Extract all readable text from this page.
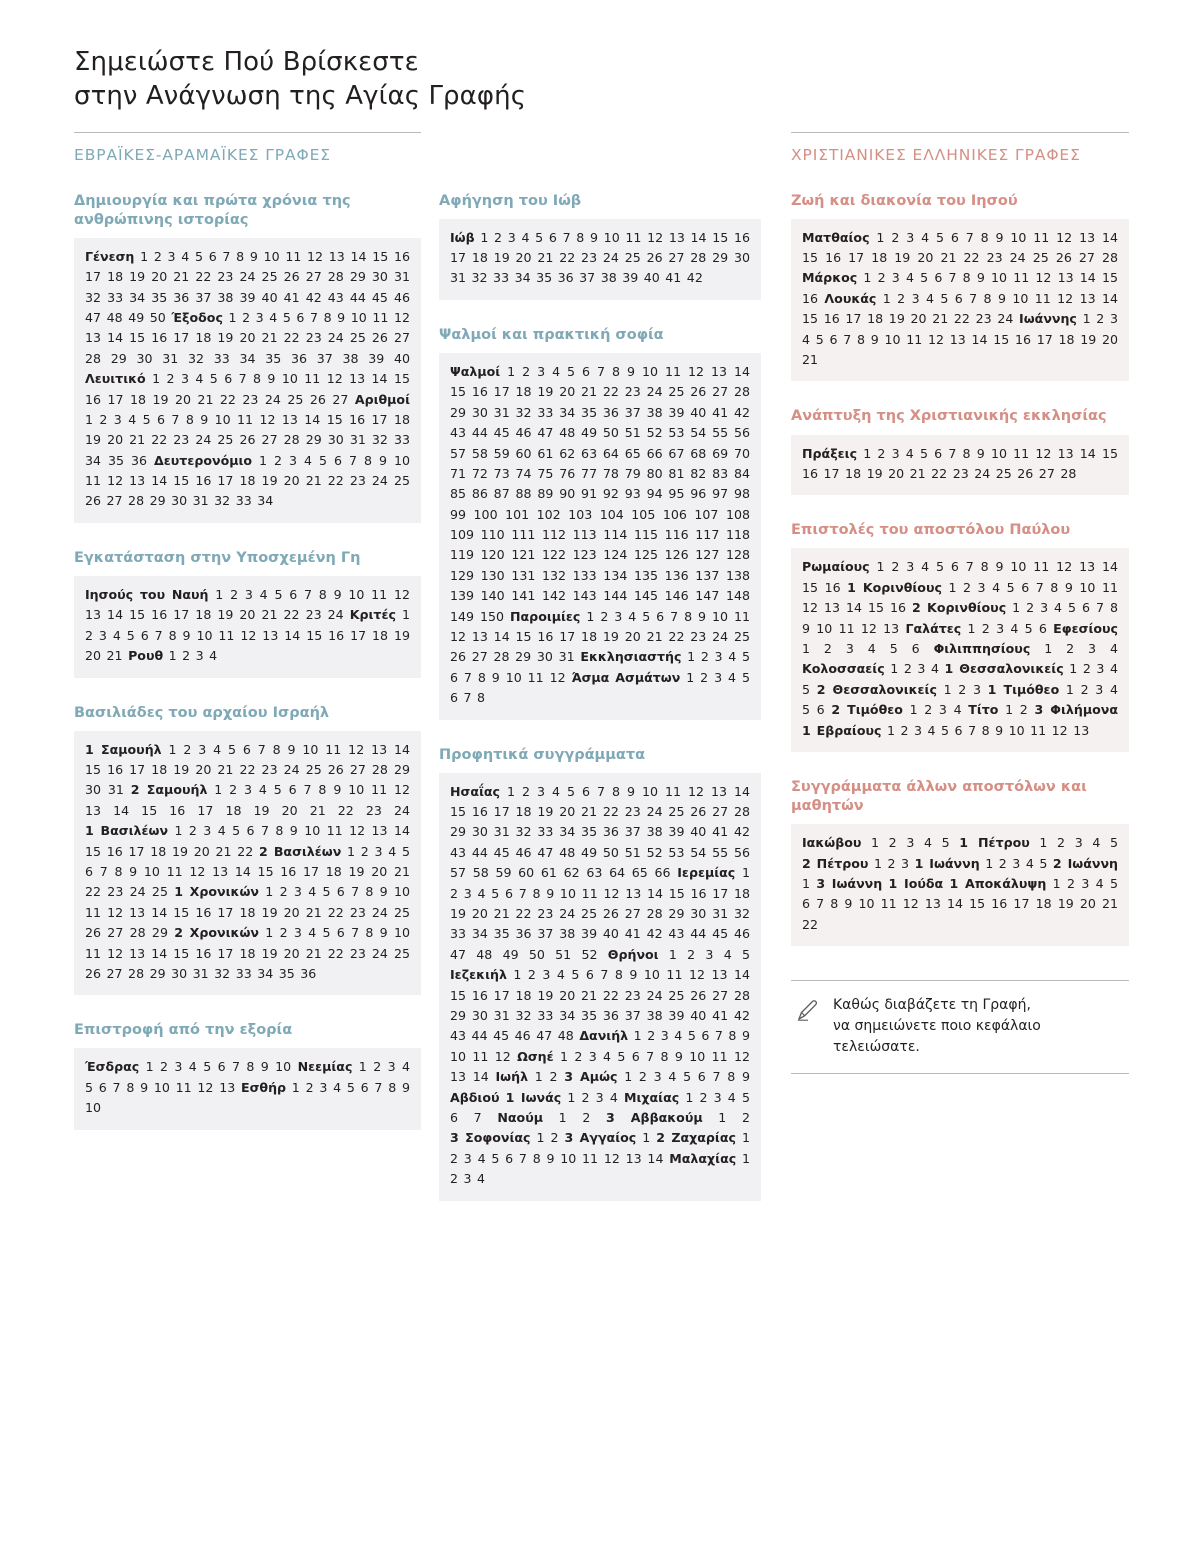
Σημειώστε Πού Βρίσκεστε
στην Ανάγνωση της Αγίας Γραφής
ΕΒΡΑΪΚΕΣ-ΑΡΑΜΑΪΚΕΣ ΓΡΑΦΕΣ
Δημιουργία και πρώτα χρόνια της ανθρώπινης ιστορίας
Γένεση 1 2 3 4 5 6 7 8 9 10 11 12 13 14 15 16 17 18 19 20 21 22 23 24 25 26 27 28 29 30 31 32 33 34 35 36 37 38 39 40 41 42 43 44 45 46 47 48 49 50 Έξοδος 1 2 3 4 5 6 7 8 9 10 11 12 13 14 15 16 17 18 19 20 21 22 23 24 25 26 27 28 29 30 31 32 33 34 35 36 37 38 39 40 Λευιτικό 1 2 3 4 5 6 7 8 9 10 11 12 13 14 15 16 17 18 19 20 21 22 23 24 25 26 27 Αριθμοί 1 2 3 4 5 6 7 8 9 10 11 12 13 14 15 16 17 18 19 20 21 22 23 24 25 26 27 28 29 30 31 32 33 34 35 36 Δευτερονόμιο 1 2 3 4 5 6 7 8 9 10 11 12 13 14 15 16 17 18 19 20 21 22 23 24 25 26 27 28 29 30 31 32 33 34
Εγκατάσταση στην Υποσχεμένη Γη
Ιησούς του Ναυή 1 2 3 4 5 6 7 8 9 10 11 12 13 14 15 16 17 18 19 20 21 22 23 24 Κριτές 1 2 3 4 5 6 7 8 9 10 11 12 13 14 15 16 17 18 19 20 21 Ρουθ 1 2 3 4
Βασιλιάδες του αρχαίου Ισραήλ
1 Σαμουήλ 1 2 3 4 5 6 7 8 9 10 11 12 13 14 15 16 17 18 19 20 21 22 23 24 25 26 27 28 29 30 31 2 Σαμουήλ 1 2 3 4 5 6 7 8 9 10 11 12 13 14 15 16 17 18 19 20 21 22 23 24 1 Βασιλέων 1 2 3 4 5 6 7 8 9 10 11 12 13 14 15 16 17 18 19 20 21 22 2 Βασιλέων 1 2 3 4 5 6 7 8 9 10 11 12 13 14 15 16 17 18 19 20 21 22 23 24 25 1 Χρονικών 1 2 3 4 5 6 7 8 9 10 11 12 13 14 15 16 17 18 19 20 21 22 23 24 25 26 27 28 29 2 Χρονικών 1 2 3 4 5 6 7 8 9 10 11 12 13 14 15 16 17 18 19 20 21 22 23 24 25 26 27 28 29 30 31 32 33 34 35 36
Επιστροφή από την εξορία
Έσδρας 1 2 3 4 5 6 7 8 9 10 Νεεμίας 1 2 3 4 5 6 7 8 9 10 11 12 13 Εσθήρ 1 2 3 4 5 6 7 8 9 10
Αφήγηση του Ιώβ
Ιώβ 1 2 3 4 5 6 7 8 9 10 11 12 13 14 15 16 17 18 19 20 21 22 23 24 25 26 27 28 29 30 31 32 33 34 35 36 37 38 39 40 41 42
Ψαλμοί και πρακτική σοφία
Ψαλμοί 1 2 3 4 5 6 7 8 9 10 11 12 13 14 15 16 17 18 19 20 21 22 23 24 25 26 27 28 29 30 31 32 33 34 35 36 37 38 39 40 41 42 43 44 45 46 47 48 49 50 51 52 53 54 55 56 57 58 59 60 61 62 63 64 65 66 67 68 69 70 71 72 73 74 75 76 77 78 79 80 81 82 83 84 85 86 87 88 89 90 91 92 93 94 95 96 97 98 99 100 101 102 103 104 105 106 107 108 109 110 111 112 113 114 115 116 117 118 119 120 121 122 123 124 125 126 127 128 129 130 131 132 133 134 135 136 137 138 139 140 141 142 143 144 145 146 147 148 149 150 Παροιμίες 1 2 3 4 5 6 7 8 9 10 11 12 13 14 15 16 17 18 19 20 21 22 23 24 25 26 27 28 29 30 31 Εκκλησιαστής 1 2 3 4 5 6 7 8 9 10 11 12 Άσμα Ασμάτων 1 2 3 4 5 6 7 8
Προφητικά συγγράμματα
Ησαΐας 1 2 3 4 5 6 7 8 9 10 11 12 13 14 15 16 17 18 19 20 21 22 23 24 25 26 27 28 29 30 31 32 33 34 35 36 37 38 39 40 41 42 43 44 45 46 47 48 49 50 51 52 53 54 55 56 57 58 59 60 61 62 63 64 65 66 Ιερεμίας 1 2 3 4 5 6 7 8 9 10 11 12 13 14 15 16 17 18 19 20 21 22 23 24 25 26 27 28 29 30 31 32 33 34 35 36 37 38 39 40 41 42 43 44 45 46 47 48 49 50 51 52 Θρήνοι 1 2 3 4 5 Ιεζεκιήλ 1 2 3 4 5 6 7 8 9 10 11 12 13 14 15 16 17 18 19 20 21 22 23 24 25 26 27 28 29 30 31 32 33 34 35 36 37 38 39 40 41 42 43 44 45 46 47 48 Δανιήλ 1 2 3 4 5 6 7 8 9 10 11 12 Ωσηέ 1 2 3 4 5 6 7 8 9 10 11 12 13 14 Ιωήλ 1 2 3 Αμώς 1 2 3 4 5 6 7 8 9 Αβδιού 1 Ιωνάς 1 2 3 4 Μιχαίας 1 2 3 4 5 6 7 Ναούμ 1 2 3 Αββακούμ 1 2 3 Σοφονίας 1 2 3 Αγγαίος 1 2 Ζαχαρίας 1 2 3 4 5 6 7 8 9 10 11 12 13 14 Μαλαχίας 1 2 3 4
ΧΡΙΣΤΙΑΝΙΚΕΣ ΕΛΛΗΝΙΚΕΣ ΓΡΑΦΕΣ
Ζωή και διακονία του Ιησού
Ματθαίος 1 2 3 4 5 6 7 8 9 10 11 12 13 14 15 16 17 18 19 20 21 22 23 24 25 26 27 28 Μάρκος 1 2 3 4 5 6 7 8 9 10 11 12 13 14 15 16 Λουκάς 1 2 3 4 5 6 7 8 9 10 11 12 13 14 15 16 17 18 19 20 21 22 23 24 Ιωάννης 1 2 3 4 5 6 7 8 9 10 11 12 13 14 15 16 17 18 19 20 21
Ανάπτυξη της Χριστιανικής εκκλησίας
Πράξεις 1 2 3 4 5 6 7 8 9 10 11 12 13 14 15 16 17 18 19 20 21 22 23 24 25 26 27 28
Επιστολές του αποστόλου Παύλου
Ρωμαίους 1 2 3 4 5 6 7 8 9 10 11 12 13 14 15 16 1 Κορινθίους 1 2 3 4 5 6 7 8 9 10 11 12 13 14 15 16 2 Κορινθίους 1 2 3 4 5 6 7 8 9 10 11 12 13 Γαλάτες 1 2 3 4 5 6 Εφεσίους 1 2 3 4 5 6 Φιλιππησίους 1 2 3 4 Κολοσσαείς 1 2 3 4 1 Θεσσαλονικείς 1 2 3 4 5 2 Θεσσαλονικείς 1 2 3 1 Τιμόθεο 1 2 3 4 5 6 2 Τιμόθεο 1 2 3 4 Τίτο 1 2 3 Φιλήμονα 1 Εβραίους 1 2 3 4 5 6 7 8 9 10 11 12 13
Συγγράμματα άλλων αποστόλων και μαθητών
Ιακώβου 1 2 3 4 5 1 Πέτρου 1 2 3 4 5 2 Πέτρου 1 2 3 1 Ιωάννη 1 2 3 4 5 2 Ιωάννη 1 3 Ιωάννη 1 Ιούδα 1 Αποκάλυψη 1 2 3 4 5 6 7 8 9 10 11 12 13 14 15 16 17 18 19 20 21 22
Καθώς διαβάζετε τη Γραφή,
να σημειώνετε ποιο κεφάλαιο
τελειώσατε.
